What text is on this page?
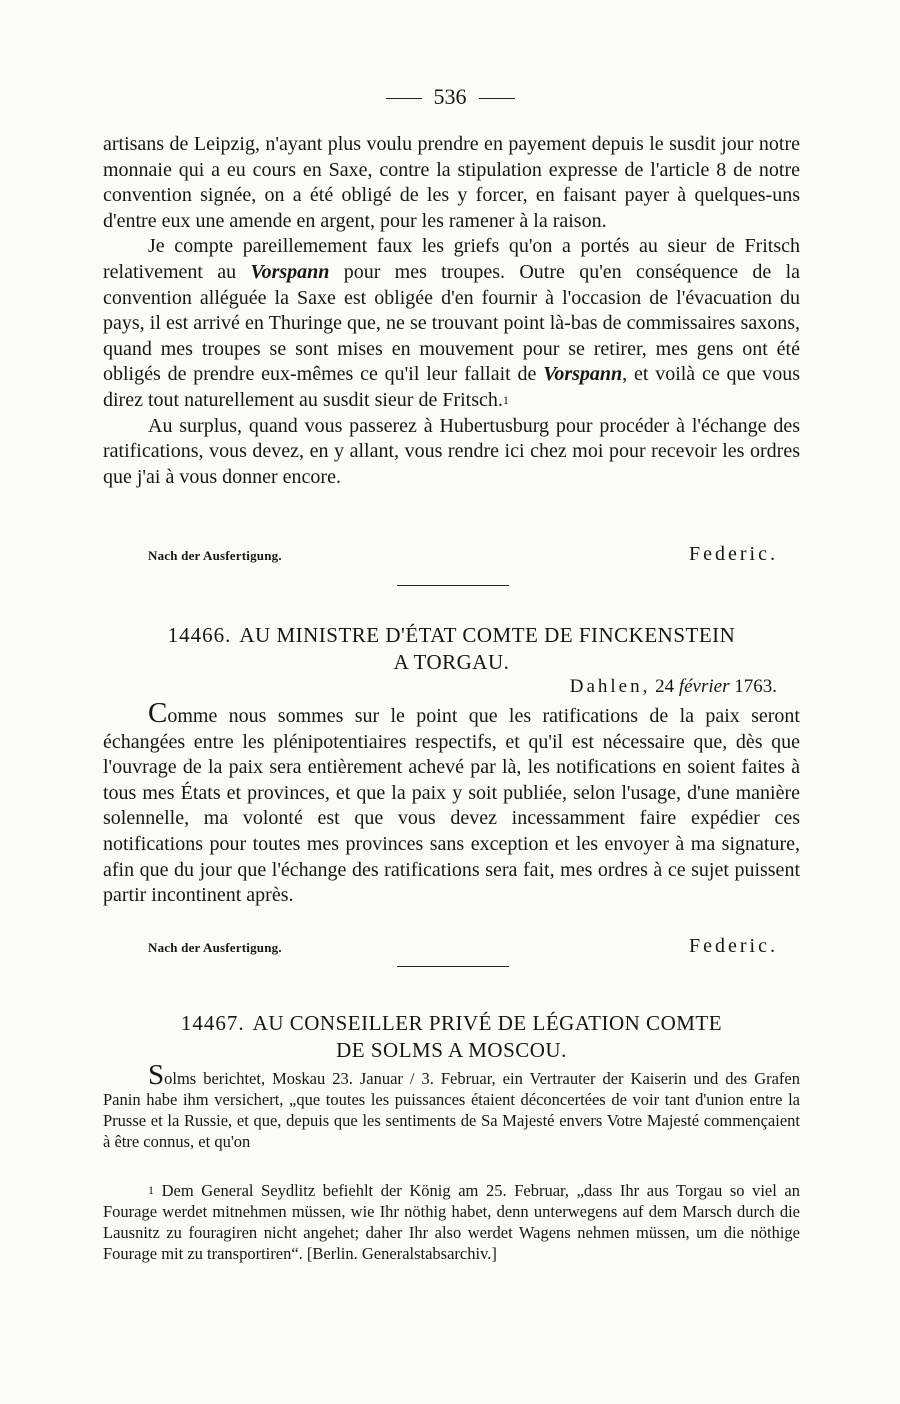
536

artisans de Leipzig, n'ayant plus voulu prendre en payement depuis le susdit jour notre monnaie qui a eu cours en Saxe, contre la stipulation expresse de l'article 8 de notre convention signée, on a été obligé de les y forcer, en faisant payer à quelques-uns d'entre eux une amende en argent, pour les ramener à la raison.

Je compte pareillemement faux les griefs qu'on a portés au sieur de Fritsch relativement au Vorspann pour mes troupes. Outre qu'en conséquence de la convention alléguée la Saxe est obligée d'en fournir à l'occasion de l'évacuation du pays, il est arrivé en Thuringe que, ne se trouvant point là-bas de commissaires saxons, quand mes troupes se sont mises en mouvement pour se retirer, mes gens ont été obligés de prendre eux-mêmes ce qu'il leur fallait de Vorspann, et voilà ce que vous direz tout naturellement au susdit sieur de Fritsch.$^1$

Au surplus, quand vous passerez à Hubertusburg pour procéder à l'échange des ratifications, vous devez, en y allant, vous rendre ici chez moi pour recevoir les ordres que j'ai à vous donner encore.

Nach der Ausfertigung.	Federic.
14466. AU MINISTRE D'ÉTAT COMTE DE FINCKENSTEIN
A TORGAU.
Dahlen, 24 février 1763.

Comme nous sommes sur le point que les ratifications de la paix seront échangées entre les plénipotentiaires respectifs, et qu'il est nécessaire que, dès que l'ouvrage de la paix sera entièrement achevé par là, les notifications en soient faites à tous mes États et provinces, et que la paix y soit publiée, selon l'usage, d'une manière solennelle, ma volonté est que vous devez incessamment faire expédier ces notifications pour toutes mes provinces sans exception et les envoyer à ma signature, afin que du jour que l'échange des ratifications sera fait, mes ordres à ce sujet puissent partir incontinent après.

Nach der Ausfertigung.	Federic.
14467. AU CONSEILLER PRIVÉ DE LÉGATION COMTE
DE SOLMS A MOSCOU.

Solms berichtet, Moskau 23. Januar / 3. Februar, ein Vertrauter der Kaiserin und des Grafen Panin habe ihm versichert, „que toutes les puissances étaient déconcertées de voir tant d'union entre la Prusse et la Russie, et que, depuis que les sentiments de Sa Majesté envers Votre Majesté commençaient à être connus, et qu'on

$^1$ Dem General Seydlitz befiehlt der König am 25. Februar, „dass Ihr aus Torgau so viel an Fourage werdet mitnehmen müssen, wie Ihr nöthig habet, denn unterwegens auf dem Marsch durch die Lausnitz zu fouragiren nicht angehet; daher Ihr also werdet Wagens nehmen müssen, um die nöthige Fourage mit zu transportiren“. [Berlin. Generalstabsarchiv.]
